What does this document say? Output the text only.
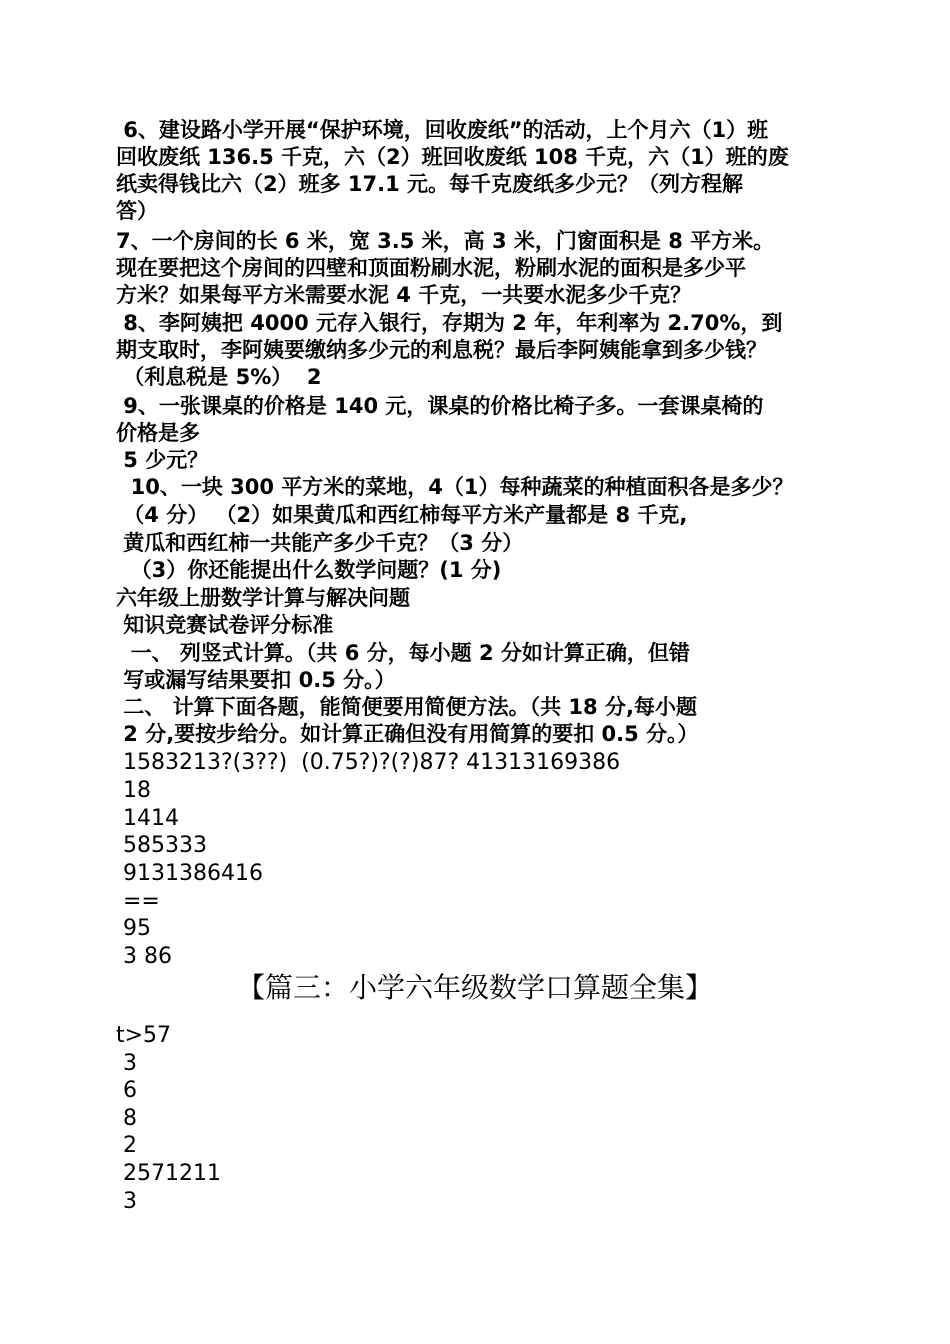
6、建设路小学开展“保护环境，回收废纸”的活动，上个月六（1）班
回收废纸 136.5 千克，六（2）班回收废纸 108 千克，六（1）班的废
纸卖得钱比六（2）班多 17.1 元。每千克废纸多少元？（列方程解
答）
7、一个房间的长 6 米，宽 3.5 米，高 3 米，门窗面积是 8 平方米。
现在要把这个房间的四壁和顶面粉刷水泥，粉刷水泥的面积是多少平
方米？如果每平方米需要水泥 4 千克，一共要水泥多少千克？
8、李阿姨把 4000 元存入银行，存期为 2 年，年利率为 2.70%，到
期支取时，李阿姨要缴纳多少元的利息税？最后李阿姨能拿到多少钱？
（利息税是 5%）  2
9、一张课桌的价格是 140 元，课桌的价格比椅子多。一套课桌椅的
价格是多
5 少元？
10、一块 300 平方米的菜地，4（1）每种蔬菜的种植面积各是多少？
（4 分） （2）如果黄瓜和西红柿每平方米产量都是 8 千克,
黄瓜和西红柿一共能产多少千克？（3 分）
（3）你还能提出什么数学问题？(1 分)
六年级上册数学计算与解决问题
知识竞赛试卷评分标准
一、 列竖式计算。（共 6 分，每小题 2 分如计算正确，但错
写或漏写结果要扣 0.5 分。）
二、 计算下面各题，能简便要用简便方法。（共 18 分,每小题
2 分,要按步给分。如计算正确但没有用简算的要扣 0.5 分。）
1583213?(3??)  (0.75?)?(?)87? 41313169386
18
1414
585333
9131386416
==
95
3 86
【篇三：小学六年级数学口算题全集】
t>57
3
6
8
2
2571211
3
